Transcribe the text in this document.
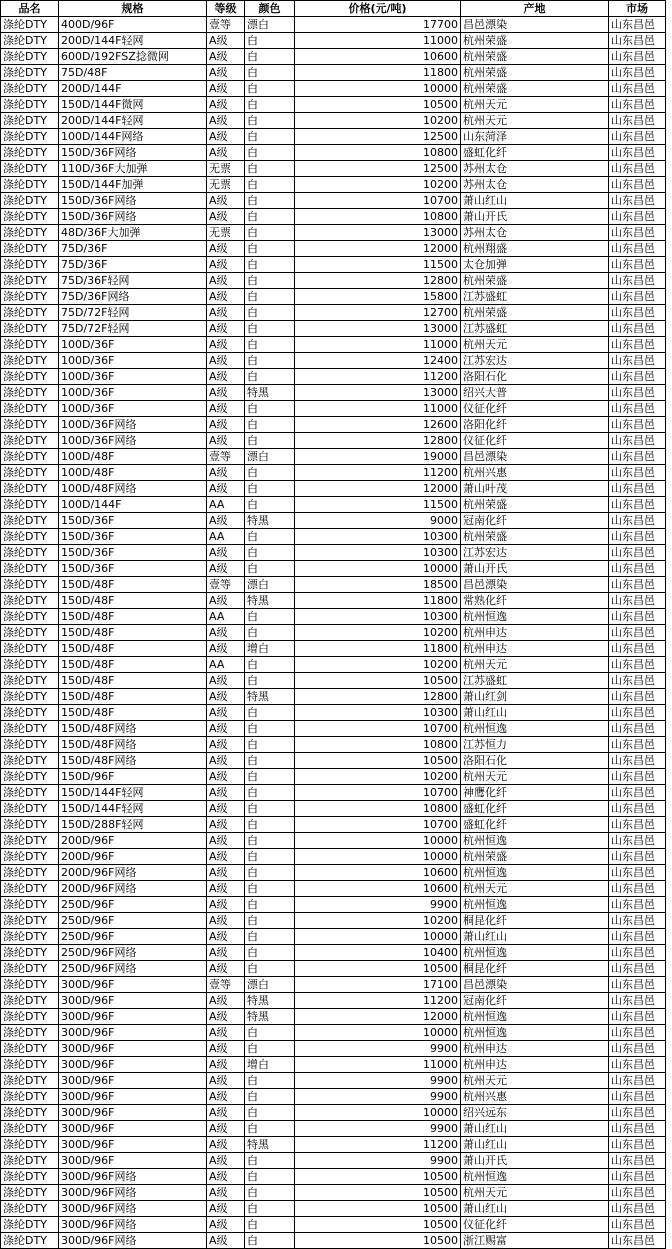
品名	规格	等级	颜色	价格(元/吨)	产地	市场
涤纶DTY	400D/96F	壹等	漂白	17700	昌邑漂染	山东昌邑
涤纶DTY	200D/144F轻网	A级	白	11000	杭州荣盛	山东昌邑
涤纶DTY	600D/192FSZ捻微网	A级	白	10600	杭州荣盛	山东昌邑
涤纶DTY	75D/48F	A级	白	11800	杭州荣盛	山东昌邑
涤纶DTY	200D/144F	A级	白	10000	杭州荣盛	山东昌邑
涤纶DTY	150D/144F微网	A级	白	10500	杭州天元	山东昌邑
涤纶DTY	200D/144F轻网	A级	白	10200	杭州天元	山东昌邑
涤纶DTY	100D/144F网络	A级	白	12500	山东菏泽	山东昌邑
涤纶DTY	150D/36F网络	A级	白	10800	盛虹化纤	山东昌邑
涤纶DTY	110D/36F大加弹	无票	白	12500	苏州太仓	山东昌邑
涤纶DTY	150D/144F加弹	无票	白	10200	苏州太仓	山东昌邑
涤纶DTY	150D/36F网络	A级	白	10700	萧山红山	山东昌邑
涤纶DTY	150D/36F网络	A级	白	10800	萧山开氏	山东昌邑
涤纶DTY	48D/36F大加弹	无票	白	13000	苏州太仓	山东昌邑
涤纶DTY	75D/36F	A级	白	12000	杭州翔盛	山东昌邑
涤纶DTY	75D/36F	A级	白	11500	太仓加弹	山东昌邑
涤纶DTY	75D/36F轻网	A级	白	12800	杭州荣盛	山东昌邑
涤纶DTY	75D/36F网络	A级	白	15800	江苏盛虹	山东昌邑
涤纶DTY	75D/72F轻网	A级	白	12700	杭州荣盛	山东昌邑
涤纶DTY	75D/72F轻网	A级	白	13000	江苏盛虹	山东昌邑
涤纶DTY	100D/36F	A级	白	11000	杭州天元	山东昌邑
涤纶DTY	100D/36F	A级	白	12400	江苏宏达	山东昌邑
涤纶DTY	100D/36F	A级	白	11200	洛阳石化	山东昌邑
涤纶DTY	100D/36F	A级	特黑	13000	绍兴大普	山东昌邑
涤纶DTY	100D/36F	A级	白	11000	仪征化纤	山东昌邑
涤纶DTY	100D/36F网络	A级	白	12600	洛阳化纤	山东昌邑
涤纶DTY	100D/36F网络	A级	白	12800	仪征化纤	山东昌邑
涤纶DTY	100D/48F	壹等	漂白	19000	昌邑漂染	山东昌邑
涤纶DTY	100D/48F	A级	白	11200	杭州兴惠	山东昌邑
涤纶DTY	100D/48F网络	A级	白	12000	萧山叶茂	山东昌邑
涤纶DTY	100D/144F	AA	白	11500	杭州荣盛	山东昌邑
涤纶DTY	150D/36F	A级	特黑	9000	冠南化纤	山东昌邑
涤纶DTY	150D/36F	AA	白	10300	杭州荣盛	山东昌邑
涤纶DTY	150D/36F	A级	白	10300	江苏宏达	山东昌邑
涤纶DTY	150D/36F	A级	白	10000	萧山开氏	山东昌邑
涤纶DTY	150D/48F	壹等	漂白	18500	昌邑漂染	山东昌邑
涤纶DTY	150D/48F	A级	特黑	11800	常熟化纤	山东昌邑
涤纶DTY	150D/48F	AA	白	10300	杭州恒逸	山东昌邑
涤纶DTY	150D/48F	A级	白	10200	杭州申达	山东昌邑
涤纶DTY	150D/48F	A级	增白	11800	杭州申达	山东昌邑
涤纶DTY	150D/48F	AA	白	10200	杭州天元	山东昌邑
涤纶DTY	150D/48F	A级	白	10500	江苏盛虹	山东昌邑
涤纶DTY	150D/48F	A级	特黑	12800	萧山红剑	山东昌邑
涤纶DTY	150D/48F	A级	白	10300	萧山红山	山东昌邑
涤纶DTY	150D/48F网络	A级	白	10700	杭州恒逸	山东昌邑
涤纶DTY	150D/48F网络	A级	白	10800	江苏恒力	山东昌邑
涤纶DTY	150D/48F网络	A级	白	10500	洛阳石化	山东昌邑
涤纶DTY	150D/96F	A级	白	10200	杭州天元	山东昌邑
涤纶DTY	150D/144F轻网	A级	白	10700	神鹰化纤	山东昌邑
涤纶DTY	150D/144F轻网	A级	白	10800	盛虹化纤	山东昌邑
涤纶DTY	150D/288F轻网	A级	白	10700	盛虹化纤	山东昌邑
涤纶DTY	200D/96F	A级	白	10000	杭州恒逸	山东昌邑
涤纶DTY	200D/96F	A级	白	10000	杭州荣盛	山东昌邑
涤纶DTY	200D/96F网络	A级	白	10600	杭州恒逸	山东昌邑
涤纶DTY	200D/96F网络	A级	白	10600	杭州天元	山东昌邑
涤纶DTY	250D/96F	A级	白	9900	杭州恒逸	山东昌邑
涤纶DTY	250D/96F	A级	白	10200	桐昆化纤	山东昌邑
涤纶DTY	250D/96F	A级	白	10000	萧山红山	山东昌邑
涤纶DTY	250D/96F网络	A级	白	10400	杭州恒逸	山东昌邑
涤纶DTY	250D/96F网络	A级	白	10500	桐昆化纤	山东昌邑
涤纶DTY	300D/96F	壹等	漂白	17100	昌邑漂染	山东昌邑
涤纶DTY	300D/96F	A级	特黑	11200	冠南化纤	山东昌邑
涤纶DTY	300D/96F	A级	特黑	12000	杭州恒逸	山东昌邑
涤纶DTY	300D/96F	A级	白	10000	杭州恒逸	山东昌邑
涤纶DTY	300D/96F	A级	白	9900	杭州申达	山东昌邑
涤纶DTY	300D/96F	A级	增白	11000	杭州申达	山东昌邑
涤纶DTY	300D/96F	A级	白	9900	杭州天元	山东昌邑
涤纶DTY	300D/96F	A级	白	9900	杭州兴惠	山东昌邑
涤纶DTY	300D/96F	A级	白	10000	绍兴远东	山东昌邑
涤纶DTY	300D/96F	A级	白	9900	萧山红山	山东昌邑
涤纶DTY	300D/96F	A级	特黑	11200	萧山红山	山东昌邑
涤纶DTY	300D/96F	A级	白	9900	萧山开氏	山东昌邑
涤纶DTY	300D/96F网络	A级	白	10500	杭州恒逸	山东昌邑
涤纶DTY	300D/96F网络	A级	白	10500	杭州天元	山东昌邑
涤纶DTY	300D/96F网络	A级	白	10500	萧山红山	山东昌邑
涤纶DTY	300D/96F网络	A级	白	10500	仪征化纤	山东昌邑
涤纶DTY	300D/96F网络	A级	白	10500	浙江赐富	山东昌邑
